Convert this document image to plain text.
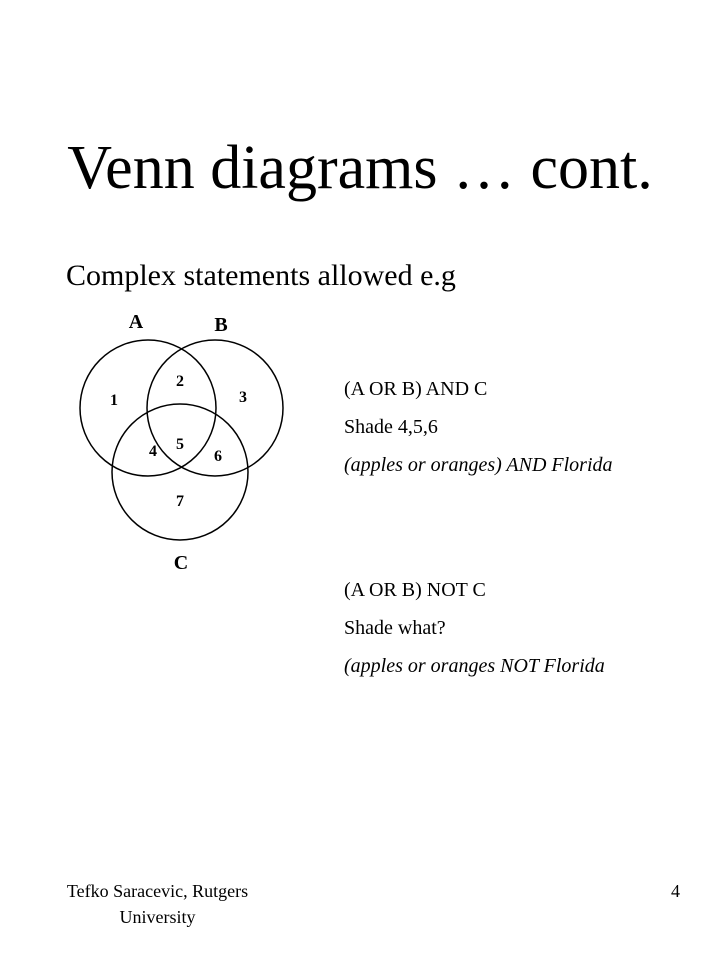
Venn diagrams … cont.
Complex statements allowed e.g
A	B
C
1
2
3
4 5
6
7
(A OR B) AND C
Shade 4,5,6
(apples or oranges) AND Florida
(A OR B) NOT C
Shade what?
(apples or oranges NOT Florida
Tefko Saracevic, Rutgers University
4
